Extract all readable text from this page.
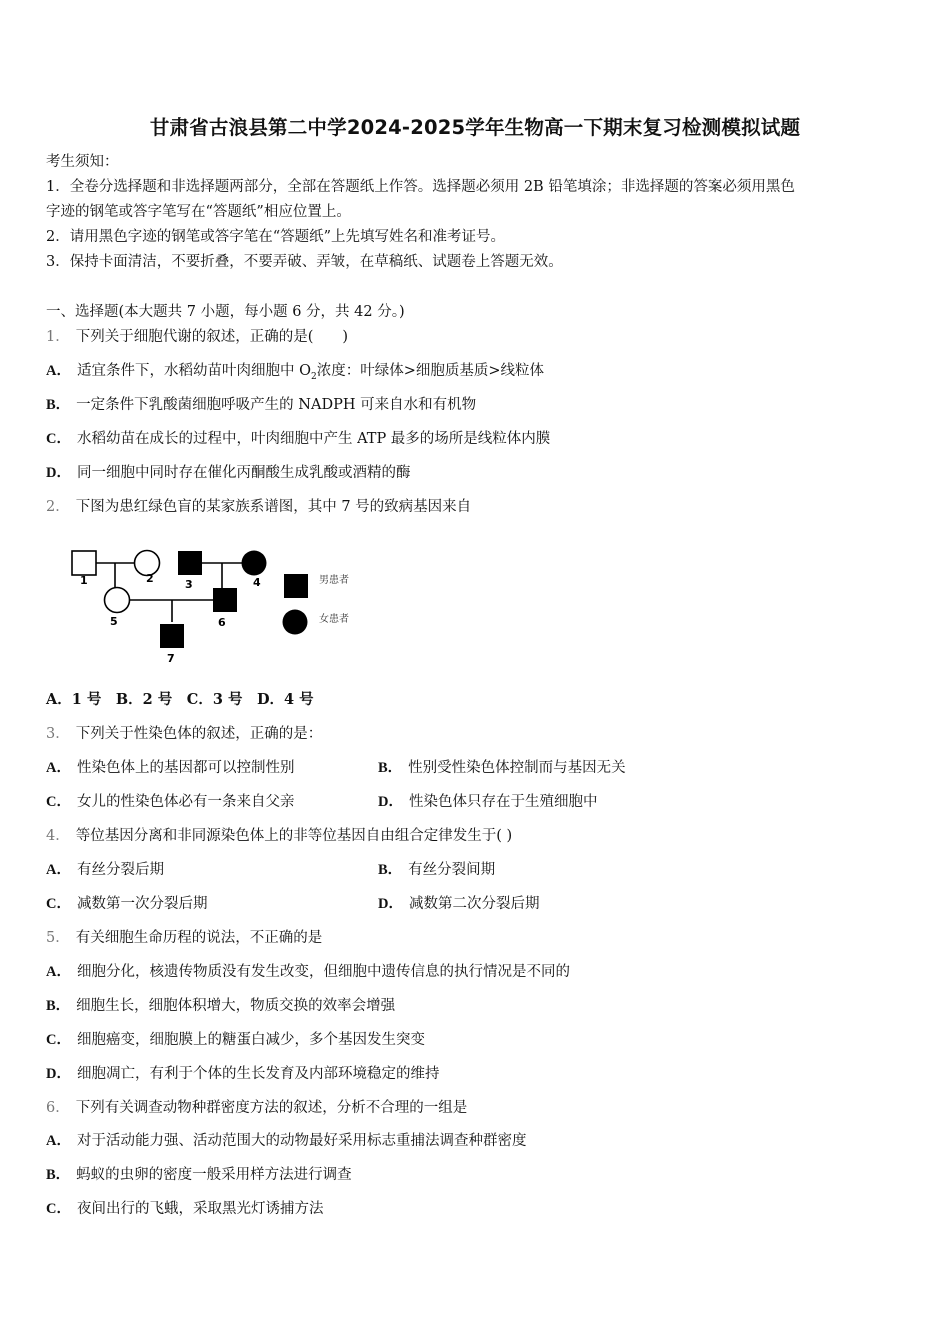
甘肃省古浪县第二中学2024-2025学年生物高一下期末复习检测模拟试题
考生须知：
1．全卷分选择题和非选择题两部分，全部在答题纸上作答。选择题必须用 2B 铅笔填涂；非选择题的答案必须用黑色
字迹的钢笔或答字笔写在“答题纸”相应位置上。
2．请用黑色字迹的钢笔或答字笔在“答题纸”上先填写姓名和准考证号。
3．保持卡面清洁，不要折叠，不要弄破、弄皱，在草稿纸、试题卷上答题无效。
一、选择题(本大题共 7 小题，每小题 6 分，共 42 分。)
1． 下列关于细胞代谢的叙述，正确的是(　　)
A． 适宜条件下，水稻幼苗叶肉细胞中 $O_2$浓度：叶绿体>细胞质基质>线粒体
B． 一定条件下乳酸菌细胞呼吸产生的 NADPH 可来自水和有机物
C． 水稻幼苗在成长的过程中，叶肉细胞中产生 ATP 最多的场所是线粒体内膜
D． 同一细胞中同时存在催化丙酮酸生成乳酸或酒精的酶
2． 下图为患红绿色盲的某家族系谱图，其中 7 号的致病基因来自
1	2	3	4
5	6
7
男患者
女患者
A．1 号　B．2 号　C．3 号　D．4 号
3． 下列关于性染色体的叙述，正确的是：
A． 性染色体上的基因都可以控制性别	B． 性别受性染色体控制而与基因无关
C． 女儿的性染色体必有一条来自父亲	D． 性染色体只存在于生殖细胞中
4． 等位基因分离和非同源染色体上的非等位基因自由组合定律发生于( )
A． 有丝分裂后期	B． 有丝分裂间期
C． 减数第一次分裂后期	D． 减数第二次分裂后期
5． 有关细胞生命历程的说法，不正确的是
A． 细胞分化，核遗传物质没有发生改变，但细胞中遗传信息的执行情况是不同的
B． 细胞生长，细胞体积增大，物质交换的效率会增强
C． 细胞癌变，细胞膜上的糖蛋白减少，多个基因发生突变
D． 细胞凋亡，有利于个体的生长发育及内部环境稳定的维持
6． 下列有关调查动物种群密度方法的叙述，分析不合理的一组是
A． 对于活动能力强、活动范围大的动物最好采用标志重捕法调查种群密度
B． 蚂蚁的虫卵的密度一般采用样方法进行调查
C． 夜间出行的飞蛾，采取黑光灯诱捕方法
